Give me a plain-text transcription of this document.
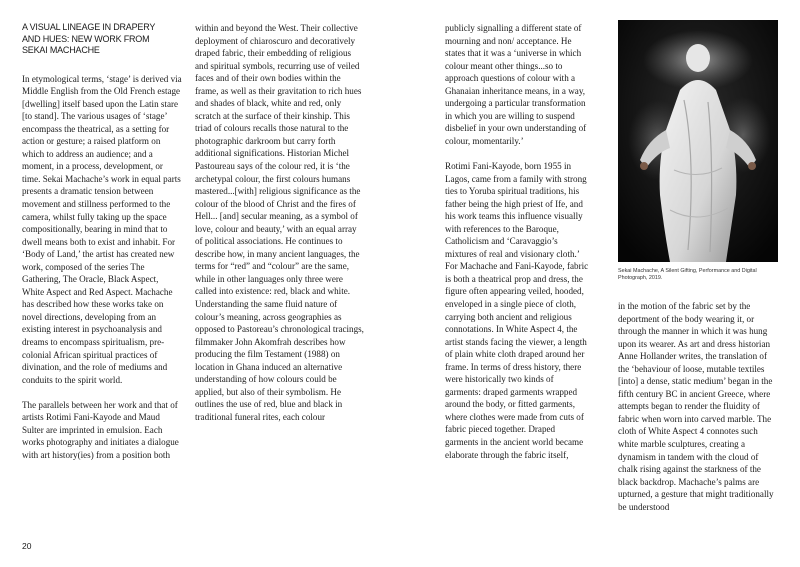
A VISUAL LINEAGE IN DRAPERY
AND HUES: NEW WORK FROM
SEKAI MACHACHE

In etymological terms, ‘stage’ is derived via Middle English from the Old French estage [dwelling] itself based upon the Latin stare [to stand]. The various usages of ‘stage’ encompass the theatrical, as a setting for action or gesture; a raised platform on which to address an audience; and a moment, in a process, development, or time. Sekai Machache’s work in equal parts presents a dramatic tension between movement and stillness performed to the camera, whilst fully taking up the space compositionally, bearing in mind that to dwell means both to exist and inhabit. For ‘Body of Land,’ the artist has created new work, composed of the series The Gathering, The Oracle, Black Aspect, White Aspect and Red Aspect. Machache has described how these works take on novel directions, developing from an existing interest in psychoanalysis and dreams to encompass spiritualism, pre-colonial African spiritual practices of divination, and the role of mediums and conduits to the spirit world.

The parallels between her work and that of artists Rotimi Fani-Kayode and Maud Sulter are imprinted in emulsion. Each works photography and initiates a dialogue with art history(ies) from a position both

within and beyond the West. Their collective deployment of chiaroscuro and decoratively draped fabric, their embedding of religious and spiritual symbols, recurring use of veiled faces and of their own bodies within the frame, as well as their gravitation to rich hues and shades of black, white and red, only scratch at the surface of their kinship. This triad of colours recalls those natural to the photographic darkroom but carry forth additional significations. Historian Michel Pastoureau says of the colour red, it is ‘the archetypal colour, the first colours humans mastered...[with] religious significance as the colour of the blood of Christ and the fires of Hell... [and] secular meaning, as a symbol of love, colour and beauty,’ with an equal array of political associations. He continues to describe how, in many ancient languages, the terms for “red” and “colour” are the same, while in other languages only three were called into existence: red, black and white. Understanding the same fluid nature of colour’s meaning, across geographies as opposed to Pastoreau’s chronological tracings, filmmaker John Akomfrah describes how producing the film Testament (1988) on location in Ghana induced an alternative understanding of how colours could be applied, but also of their symbolism. He outlines the use of red, blue and black in traditional funeral rites, each colour

20

publicly signalling a different state of mourning and non/ acceptance. He states that it was a ‘universe in which colour meant other things...so to approach questions of colour with a Ghanaian inheritance means, in a way, undergoing a particular transformation in which you are willing to suspend disbelief in your own understanding of colour, momentarily.’

Rotimi Fani-Kayode, born 1955 in Lagos, came from a family with strong ties to Yoruba spiritual traditions, his father being the high priest of Ife, and his work teams this influence visually with references to the Baroque, Catholicism and ‘Caravaggio’s mixtures of real and visionary cloth.’ For Machache and Fani-Kayode, fabric is both a theatrical prop and dress, the figure often appearing veiled, hooded, enveloped in a single piece of cloth, carrying both ancient and religious connotations. In White Aspect 4, the artist stands facing the viewer, a length of plain white cloth draped around her frame. In terms of dress history, there were historically two kinds of garments: draped garments wrapped around the body, or fitted garments, where clothes were made from cuts of fabric pieced together. Draped garments in the ancient world became elaborate through the fabric itself,

Sekai Machache, A Silent Gifting, Performance and Digital Photograph, 2019.

in the motion of the fabric set by the deportment of the body wearing it, or through the manner in which it was hung upon its wearer. As art and dress historian Anne Hollander writes, the translation of the ‘behaviour of loose, mutable textiles [into] a dense, static medium’ began in the fifth century BC in ancient Greece, where attempts began to render the fluidity of fabric when worn into carved marble. The cloth of White Aspect 4 connotes such white marble sculptures, creating a dynamism in tandem with the cloud of chalk rising against the starkness of the black backdrop. Machache’s palms are upturned, a gesture that might traditionally be understood
